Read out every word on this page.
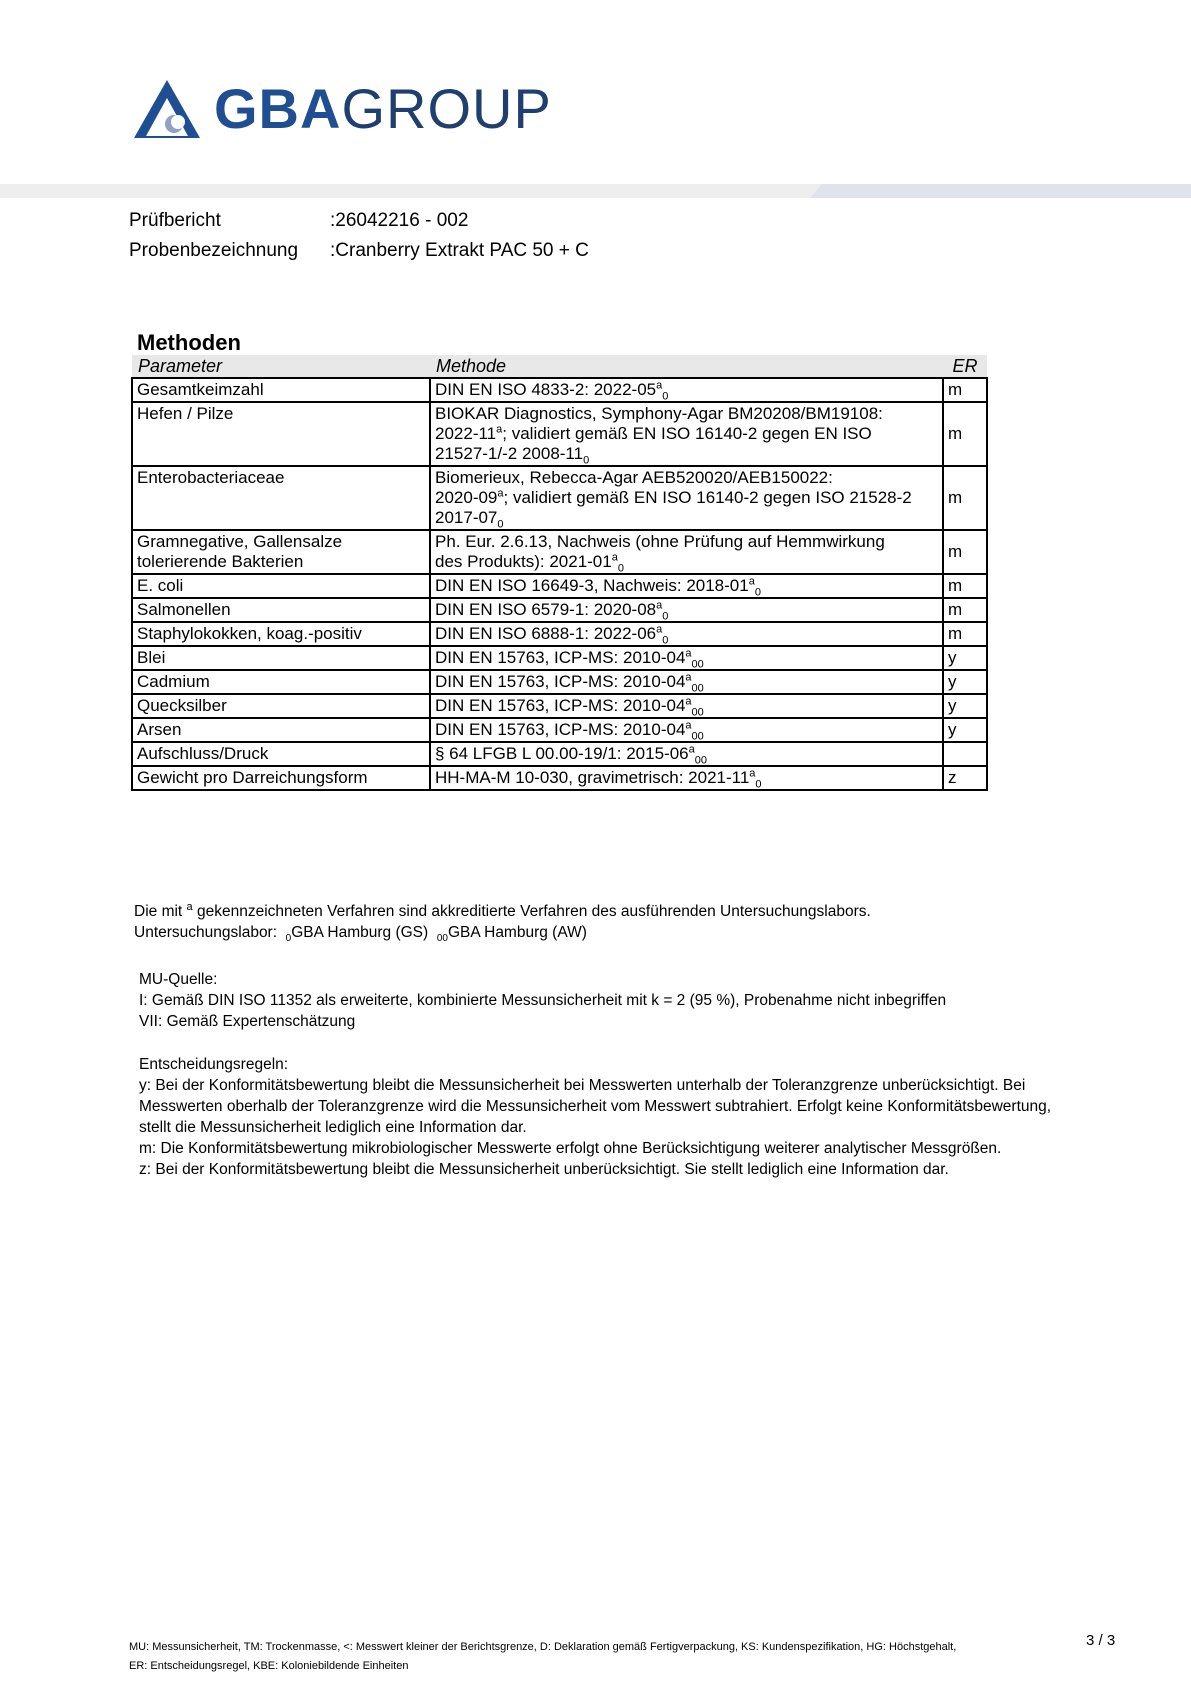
GBAGROUP
Prüfbericht	:26042216 - 002
Probenbezeichnung :Cranberry Extrakt PAC 50 + C
Methoden
Parameter	Methode	ER
Gesamtkeimzahl	DIN EN ISO 4833-2: $2022-05^a_0$	m
Hefen / Pilze	BIOKAR Diagnostics, Symphony-Agar BM20208/BM19108:
2022-11$^a$; validiert gemäß EN ISO 16140-2 gegen EN ISO
21527-1/-2 $2008-11_0$	m
Enterobacteriaceae	Biomerieux, Rebecca-Agar AEB520020/AEB150022:
2020-09$^a$; validiert gemäß EN ISO 16140-2 gegen ISO 21528-2
$2017-07_0$	m
Gramnegative, Gallensalze
tolerierende Bakterien	Ph. Eur. 2.6.13, Nachweis (ohne Prüfung auf Hemmwirkung
des Produkts): $2021-01^a_0$	m
E. coli	DIN EN ISO 16649-3, Nachweis: $2018-01^a_0$	m
Salmonellen	DIN EN ISO 6579-1: $2020-08^a_0$	m
Staphylokokken, koag.-positiv	DIN EN ISO 6888-1: $2022-06^a_0$	m
Blei	DIN EN 15763, ICP-MS: $2010-04^a_{00}$	y
Cadmium	DIN EN 15763, ICP-MS: $2010-04^a_{00}$	y
Quecksilber	DIN EN 15763, ICP-MS: $2010-04^a_{00}$	y
Arsen	DIN EN 15763, ICP-MS: $2010-04^a_{00}$	y
Aufschluss/Druck	§ 64 LFGB L 00.00-19/1: $2015-06^a_{00}$	
Gewicht pro Darreichungsform	HH-MA-M 10-030, gravimetrisch: $2021-11^a_0$	z
Die mit $^a$ gekennzeichneten Verfahren sind akkreditierte Verfahren des ausführenden Untersuchungslabors.
Untersuchungslabor: $_0$GBA Hamburg (GS) $_{00}$GBA Hamburg (AW)
MU-Quelle:
I: Gemäß DIN ISO 11352 als erweiterte, kombinierte Messunsicherheit mit k = 2 (95 %), Probenahme nicht inbegriffen
VII: Gemäß Expertenschätzung
Entscheidungsregeln:
y: Bei der Konformitätsbewertung bleibt die Messunsicherheit bei Messwerten unterhalb der Toleranzgrenze unberücksichtigt. Bei Messwerten oberhalb der Toleranzgrenze wird die Messunsicherheit vom Messwert subtrahiert. Erfolgt keine Konformitätsbewertung, stellt die Messunsicherheit lediglich eine Information dar.
m: Die Konformitätsbewertung mikrobiologischer Messwerte erfolgt ohne Berücksichtigung weiterer analytischer Messgrößen.
z: Bei der Konformitätsbewertung bleibt die Messunsicherheit unberücksichtigt. Sie stellt lediglich eine Information dar.
MU: Messunsicherheit, TM: Trockenmasse, <: Messwert kleiner der Berichtsgrenze, D: Deklaration gemäß Fertigverpackung, KS: Kundenspezifikation, HG: Höchstgehalt,
ER: Entscheidungsregel, KBE: Koloniebildende Einheiten
3 / 3
